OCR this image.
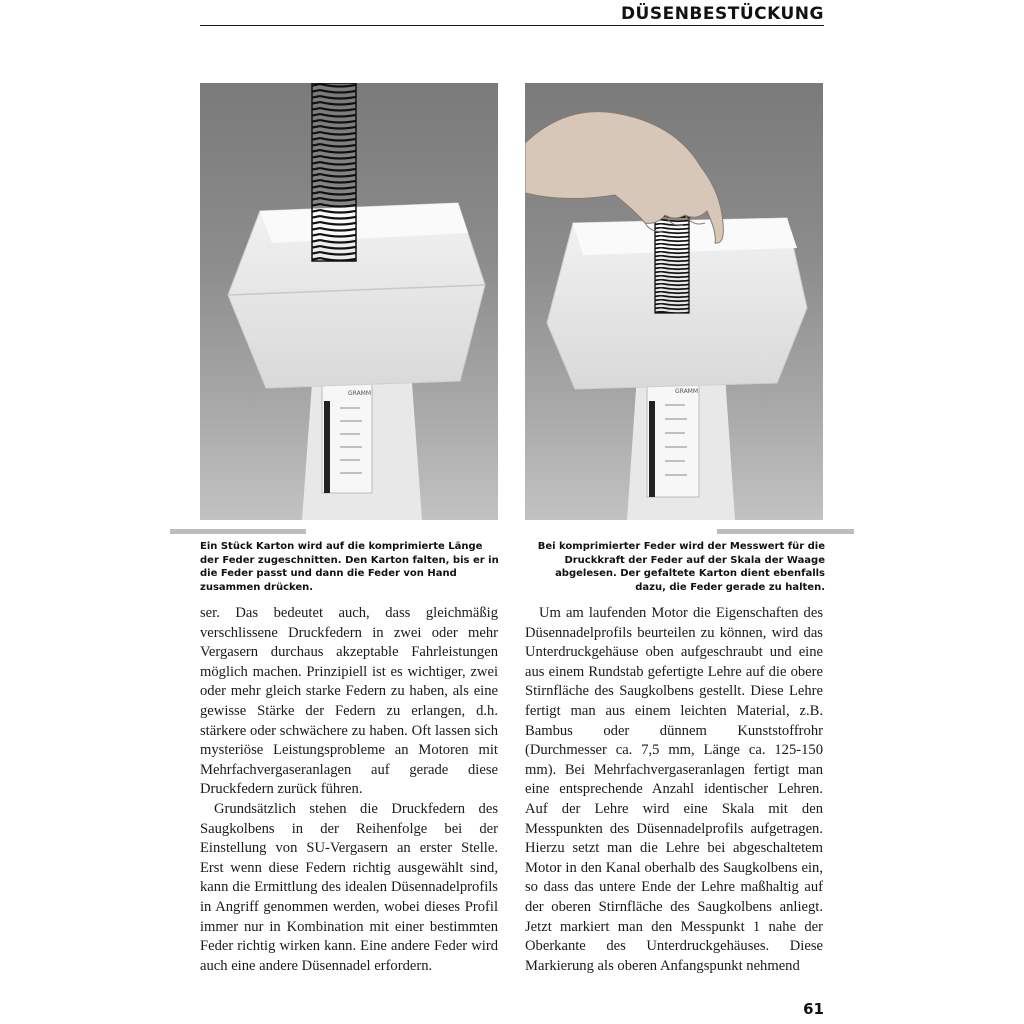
DÜSENBESTÜCKUNG
GRAMM	GRAMM
Ein Stück Karton wird auf die komprimierte Länge der Feder zugeschnitten. Den Karton falten, bis er in die Feder passt und dann die Feder von Hand zusammen drücken.
Bei komprimierter Feder wird der Messwert für die Druckkraft der Feder auf der Skala der Waage abgelesen. Der gefaltete Karton dient ebenfalls dazu, die Feder gerade zu halten.

ser. Das bedeutet auch, dass gleichmäßig verschlissene Druckfedern in zwei oder mehr Vergasern durchaus akzeptable Fahrleistungen möglich machen. Prinzipiell ist es wichtiger, zwei oder mehr gleich starke Federn zu haben, als eine gewisse Stärke der Federn zu erlangen, d.h. stärkere oder schwächere zu haben. Oft lassen sich mysteriöse Leistungsprobleme an Motoren mit Mehrfachvergaseranlagen auf gerade diese Druckfedern zurück führen.

Grundsätzlich stehen die Druckfedern des Saugkolbens in der Reihenfolge bei der Einstellung von SU-Vergasern an erster Stelle. Erst wenn diese Federn richtig ausgewählt sind, kann die Ermittlung des idealen Düsennadelprofils in Angriff genommen werden, wobei dieses Profil immer nur in Kombination mit einer bestimmten Feder richtig wirken kann. Eine andere Feder wird auch eine andere Düsennadel erfordern.

Um am laufenden Motor die Eigenschaften des Düsennadelprofils beurteilen zu können, wird das Unterdruckgehäuse oben aufgeschraubt und eine aus einem Rundstab gefertigte Lehre auf die obere Stirnfläche des Saugkolbens gestellt. Diese Lehre fertigt man aus einem leichten Material, z.B. Bambus oder dünnem Kunststoffrohr (Durchmesser ca. 7,5 mm, Länge ca. 125-150 mm). Bei Mehrfachvergaseranlagen fertigt man eine entsprechende Anzahl identischer Lehren. Auf der Lehre wird eine Skala mit den Messpunkten des Düsennadelprofils aufgetragen. Hierzu setzt man die Lehre bei abgeschaltetem Motor in den Kanal oberhalb des Saugkolbens ein, so dass das untere Ende der Lehre maßhaltig auf der oberen Stirnfläche des Saugkolbens anliegt. Jetzt markiert man den Messpunkt 1 nahe der Oberkante des Unterdruckgehäuses. Diese Markierung als oberen Anfangspunkt nehmend

61
